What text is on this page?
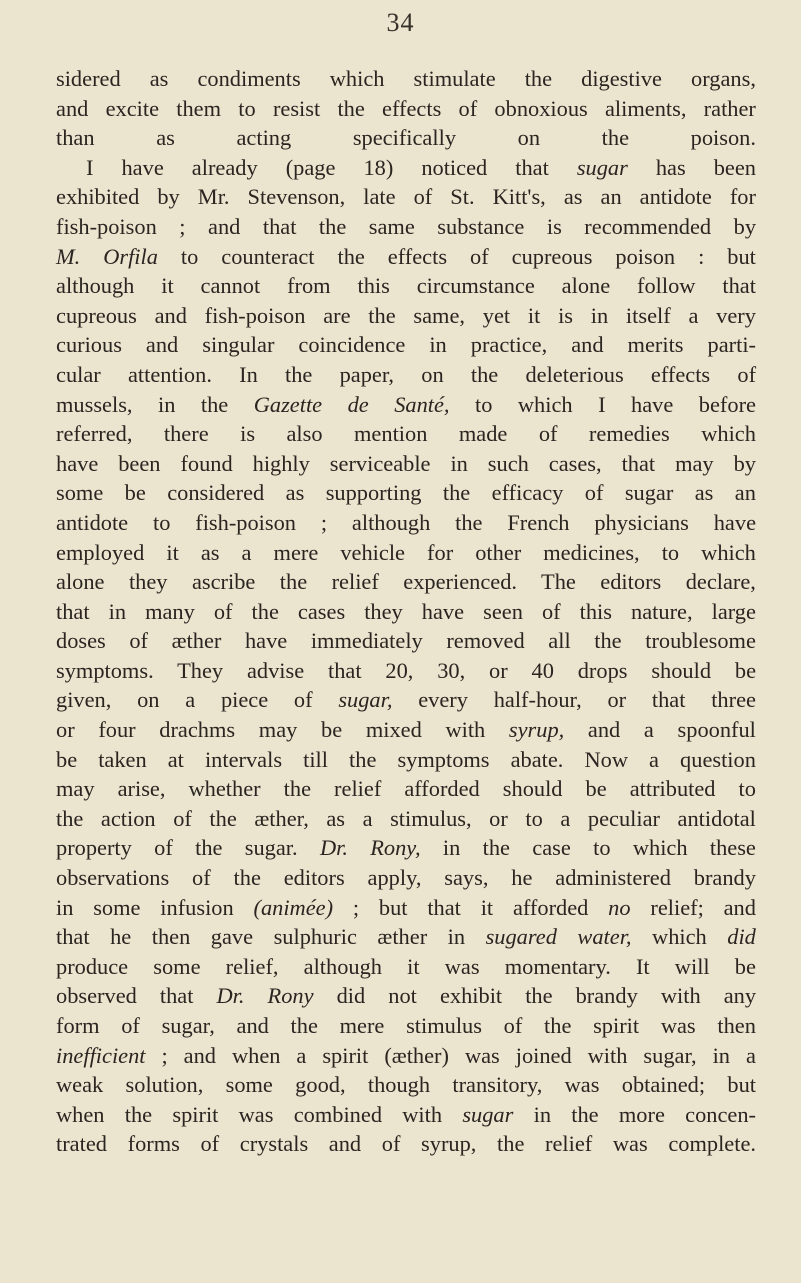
34
sidered as condiments which stimulate the digestive organs,
and excite them to resist the effects of obnoxious aliments, rather
than	as	acting	specifically	on	the	poison.
I have already (page 18) noticed that sugar has been
exhibited by Mr. Stevenson, late of St. Kitt's, as an antidote for
fish-poison ; and that the same substance is recommended by
M. Orfila to counteract the effects of cupreous poison : but
although it cannot from this circumstance alone follow that
cupreous and fish-poison are the same, yet it is in itself a very
curious and singular coincidence in practice, and merits parti-
cular attention. In the paper, on the deleterious effects of
mussels, in the Gazette de Santé, to which I have before
referred, there is also mention made of remedies which
have been found highly serviceable in such cases, that may by
some be considered as supporting the efficacy of sugar as an
antidote to fish-poison ; although the French physicians have
employed it as a mere vehicle for other medicines, to which
alone they ascribe the relief experienced. The editors declare,
that in many of the cases they have seen of this nature, large
doses of æther have immediately removed all the troublesome
symptoms. They advise that 20, 30, or 40 drops should be
given, on a piece of sugar, every half-hour, or that three
or four drachms may be mixed with syrup, and a spoonful
be taken at intervals till the symptoms abate. Now a question
may arise, whether the relief afforded should be attributed to
the action of the æther, as a stimulus, or to a peculiar antidotal
property of the sugar. Dr. Rony, in the case to which these
observations of the editors apply, says, he administered brandy
in some infusion (animée) ; but that it afforded no relief; and
that he then gave sulphuric æther in sugared water, which did
produce some relief, although it was momentary. It will be
observed that Dr. Rony did not exhibit the brandy with any
form of sugar, and the mere stimulus of the spirit was then
inefficient ; and when a spirit (æther) was joined with sugar, in a
weak solution, some good, though transitory, was obtained; but
when the spirit was combined with sugar in the more concen-
trated forms of crystals and of syrup, the relief was complete.
